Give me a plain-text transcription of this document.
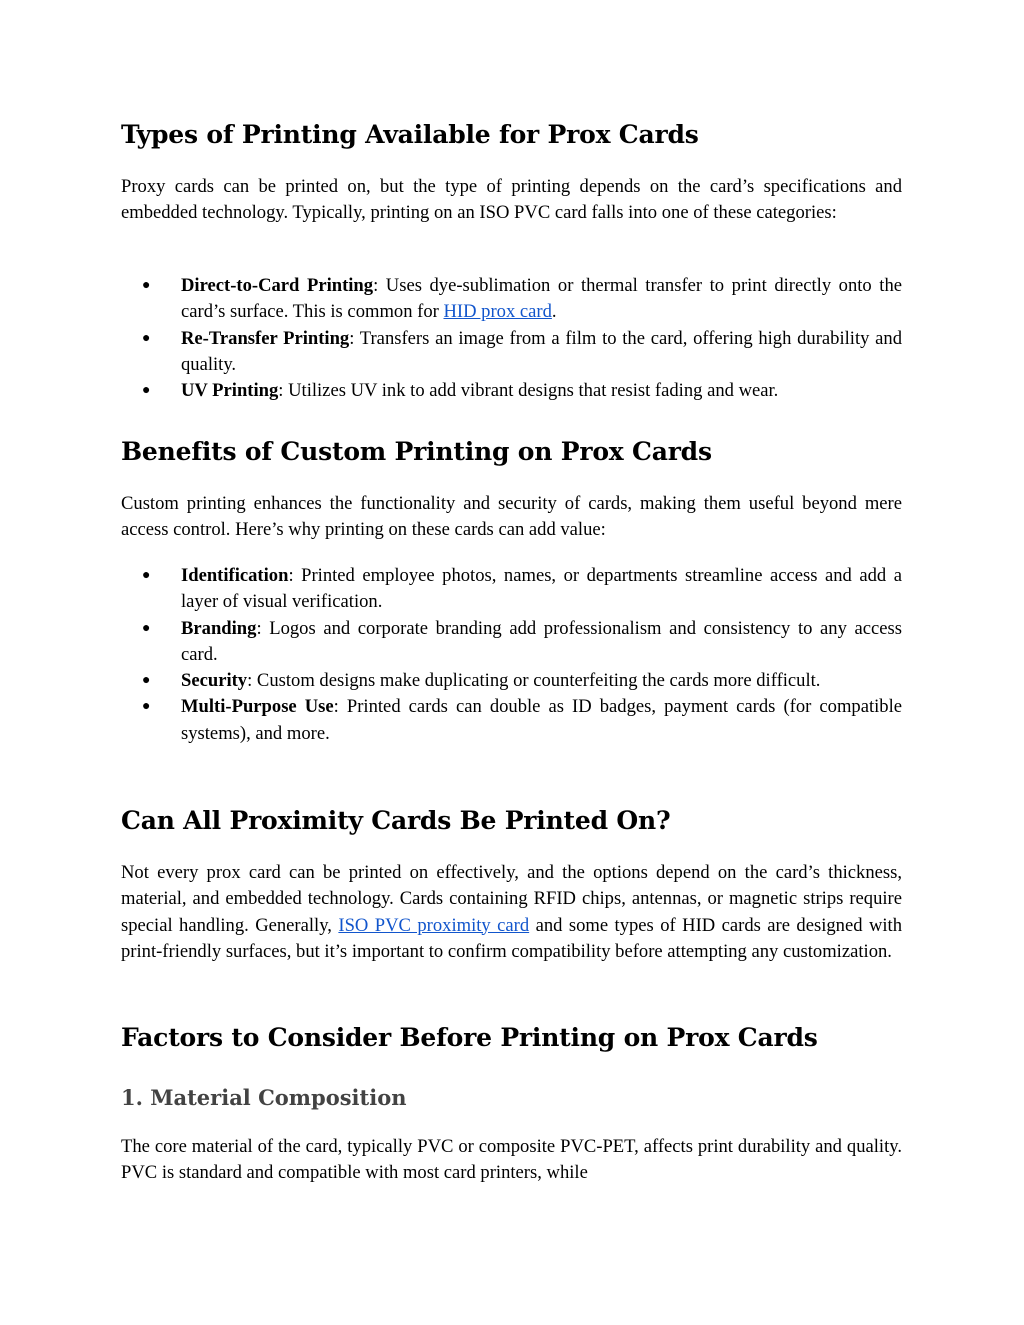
Types of Printing Available for Prox Cards

Proxy cards can be printed on, but the type of printing depends on the card’s specifications and embedded technology. Typically, printing on an ISO PVC card falls into one of these categories:

● Direct-to-Card Printing: Uses dye-sublimation or thermal transfer to print directly onto the card’s surface. This is common for HID prox card.
● Re-Transfer Printing: Transfers an image from a film to the card, offering high durability and quality.
● UV Printing: Utilizes UV ink to add vibrant designs that resist fading and wear.
Benefits of Custom Printing on Prox Cards

Custom printing enhances the functionality and security of cards, making them useful beyond mere access control. Here’s why printing on these cards can add value:

● Identification: Printed employee photos, names, or departments streamline access and add a layer of visual verification.
● Branding: Logos and corporate branding add professionalism and consistency to any access card.
● Security: Custom designs make duplicating or counterfeiting the cards more difficult.
● Multi-Purpose Use: Printed cards can double as ID badges, payment cards (for compatible systems), and more.
Can All Proximity Cards Be Printed On?

Not every prox card can be printed on effectively, and the options depend on the card’s thickness, material, and embedded technology. Cards containing RFID chips, antennas, or magnetic strips require special handling. Generally, ISO PVC proximity card and some types of HID cards are designed with print-friendly surfaces, but it’s important to confirm compatibility before attempting any customization.

Factors to Consider Before Printing on Prox Cards
1. Material Composition

The core material of the card, typically PVC or composite PVC-PET, affects print durability and quality. PVC is standard and compatible with most card printers, while
